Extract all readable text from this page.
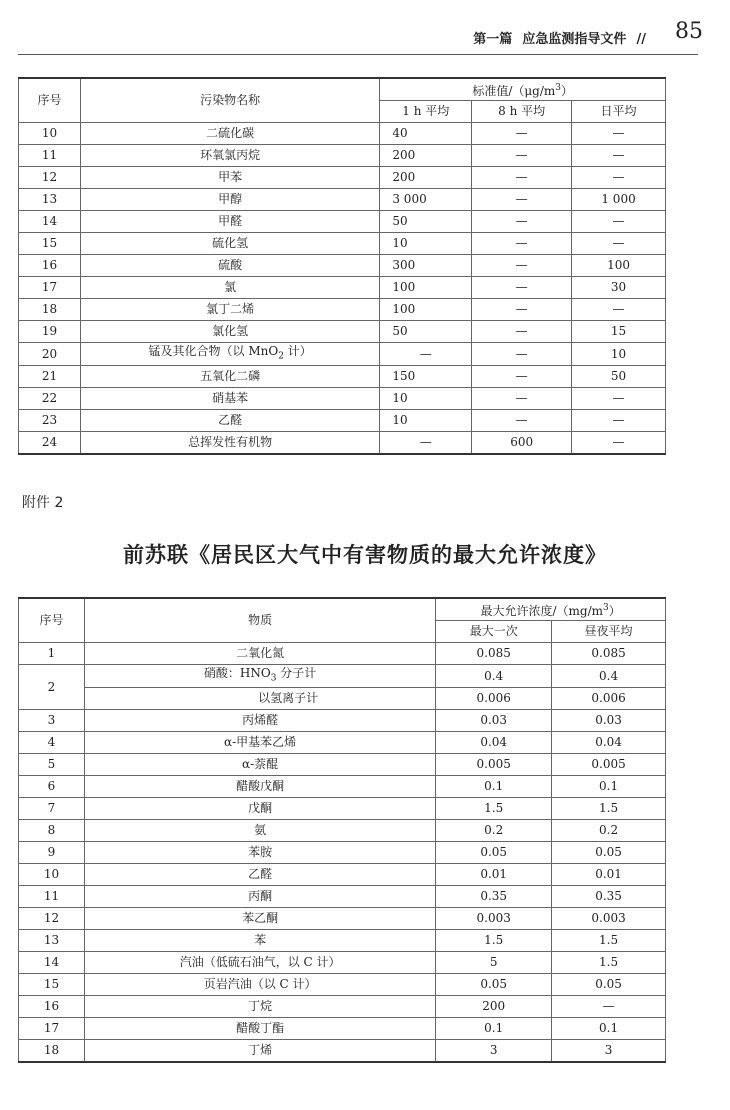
第一篇 应急监测指导文件 // 85
序号	污染物名称	标准值$/(\mu g/m^3)$		
		1 h 平均	8 h 平均	日平均
10	二硫化碳	40	—	—
11	环氧氯丙烷	200	—	—
12	甲苯	200	—	—
13	甲醇	3 000	—	1 000
14	甲醛	50	—	—
15	硫化氢	10	—	—
16	硫酸	300	—	100
17	氯	100	—	30
18	氯丁二烯	100	—	—
19	氯化氢	50	—	15
20	锰及其化合物（以 MnO$_2$ 计）	—	—	10
21	五氧化二磷	150	—	50
22	硝基苯	10	—	—
23	乙醛	10	—	—
24	总挥发性有机物	—	600	—
附件 2
前苏联《居民区大气中有害物质的最大允许浓度》
序号	物质	最大允许浓度$/(mg/m^3)$	
		最大一次	昼夜平均
1	二氧化氮	0.085	0.085
2	硝酸：$HNO_3$ 分子计	0.4	0.4
	以氢离子计	0.006	0.006
3	丙烯醛	0.03	0.03
4	α-甲基苯乙烯	0.04	0.04
5	α-萘醌	0.005	0.005
6	醋酸戊酮	0.1	0.1
7	戊酮	1.5	1.5
8	氨	0.2	0.2
9	苯胺	0.05	0.05
10	乙醛	0.01	0.01
11	丙酮	0.35	0.35
12	苯乙酮	0.003	0.003
13	苯	1.5	1.5
14	汽油（低硫石油气，以 C 计）	5	1.5
15	页岩汽油（以 C 计）	0.05	0.05
16	丁烷	200	—
17	醋酸丁酯	0.1	0.1
18	丁烯	3	3
